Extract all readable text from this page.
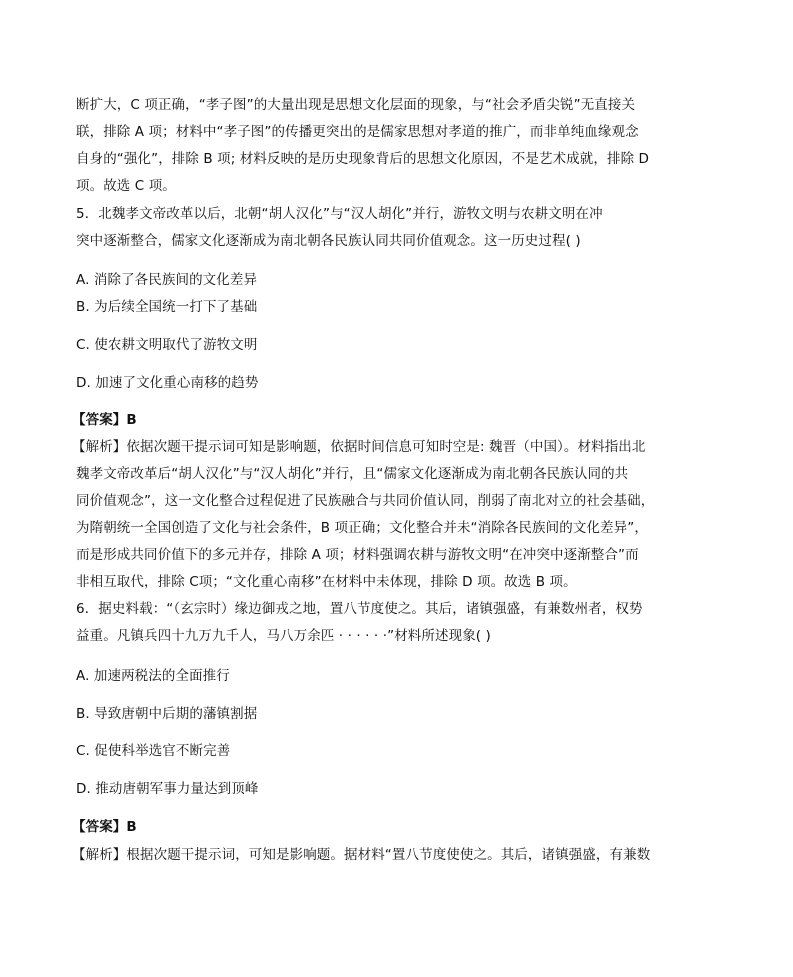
断扩大，C 项正确，“孝子图”的大量出现是思想文化层面的现象，与“社会矛盾尖锐”无直接关
联，排除 A 项；材料中“孝子图”的传播更突出的是儒家思想对孝道的推广，而非单纯血缘观念
自身的“强化”，排除 B 项; 材料反映的是历史现象背后的思想文化原因，不是艺术成就，排除 D
项。故选 C 项。
5．北魏孝文帝改革以后，北朝“胡人汉化”与“汉人胡化”并行，游牧文明与农耕文明在冲
突中逐渐整合，儒家文化逐渐成为南北朝各民族认同共同价值观念。这一历史过程( )
A. 消除了各民族间的文化差异
B. 为后续全国统一打下了基础
C. 使农耕文明取代了游牧文明
D. 加速了文化重心南移的趋势
【答案】B
【解析】依据次题干提示词可知是影响题，依据时间信息可知时空是: 魏晋（中国）。材料指出北
魏孝文帝改革后“胡人汉化”与“汉人胡化”并行，且“儒家文化逐渐成为南北朝各民族认同的共
同价值观念”，这一文化整合过程促进了民族融合与共同价值认同，削弱了南北对立的社会基础，
为隋朝统一全国创造了文化与社会条件，B 项正确；文化整合并未“消除各民族间的文化差异”，
而是形成共同价值下的多元并存，排除 A 项；材料强调农耕与游牧文明“在冲突中逐渐整合”而
非相互取代，排除 C项；“文化重心南移”在材料中未体现，排除 D 项。故选 B 项。
6．据史料载：“（玄宗时）缘边御戎之地，置八节度使之。其后，诸镇强盛，有兼数州者，权势
益重。凡镇兵四十九万九千人，马八万余匹 · · · · · ·”材料所述现象( )
A. 加速两税法的全面推行
B. 导致唐朝中后期的藩镇割据
C. 促使科举选官不断完善
D. 推动唐朝军事力量达到顶峰
【答案】B
【解析】根据次题干提示词，可知是影响题。据材料“置八节度使使之。其后，诸镇强盛，有兼数
